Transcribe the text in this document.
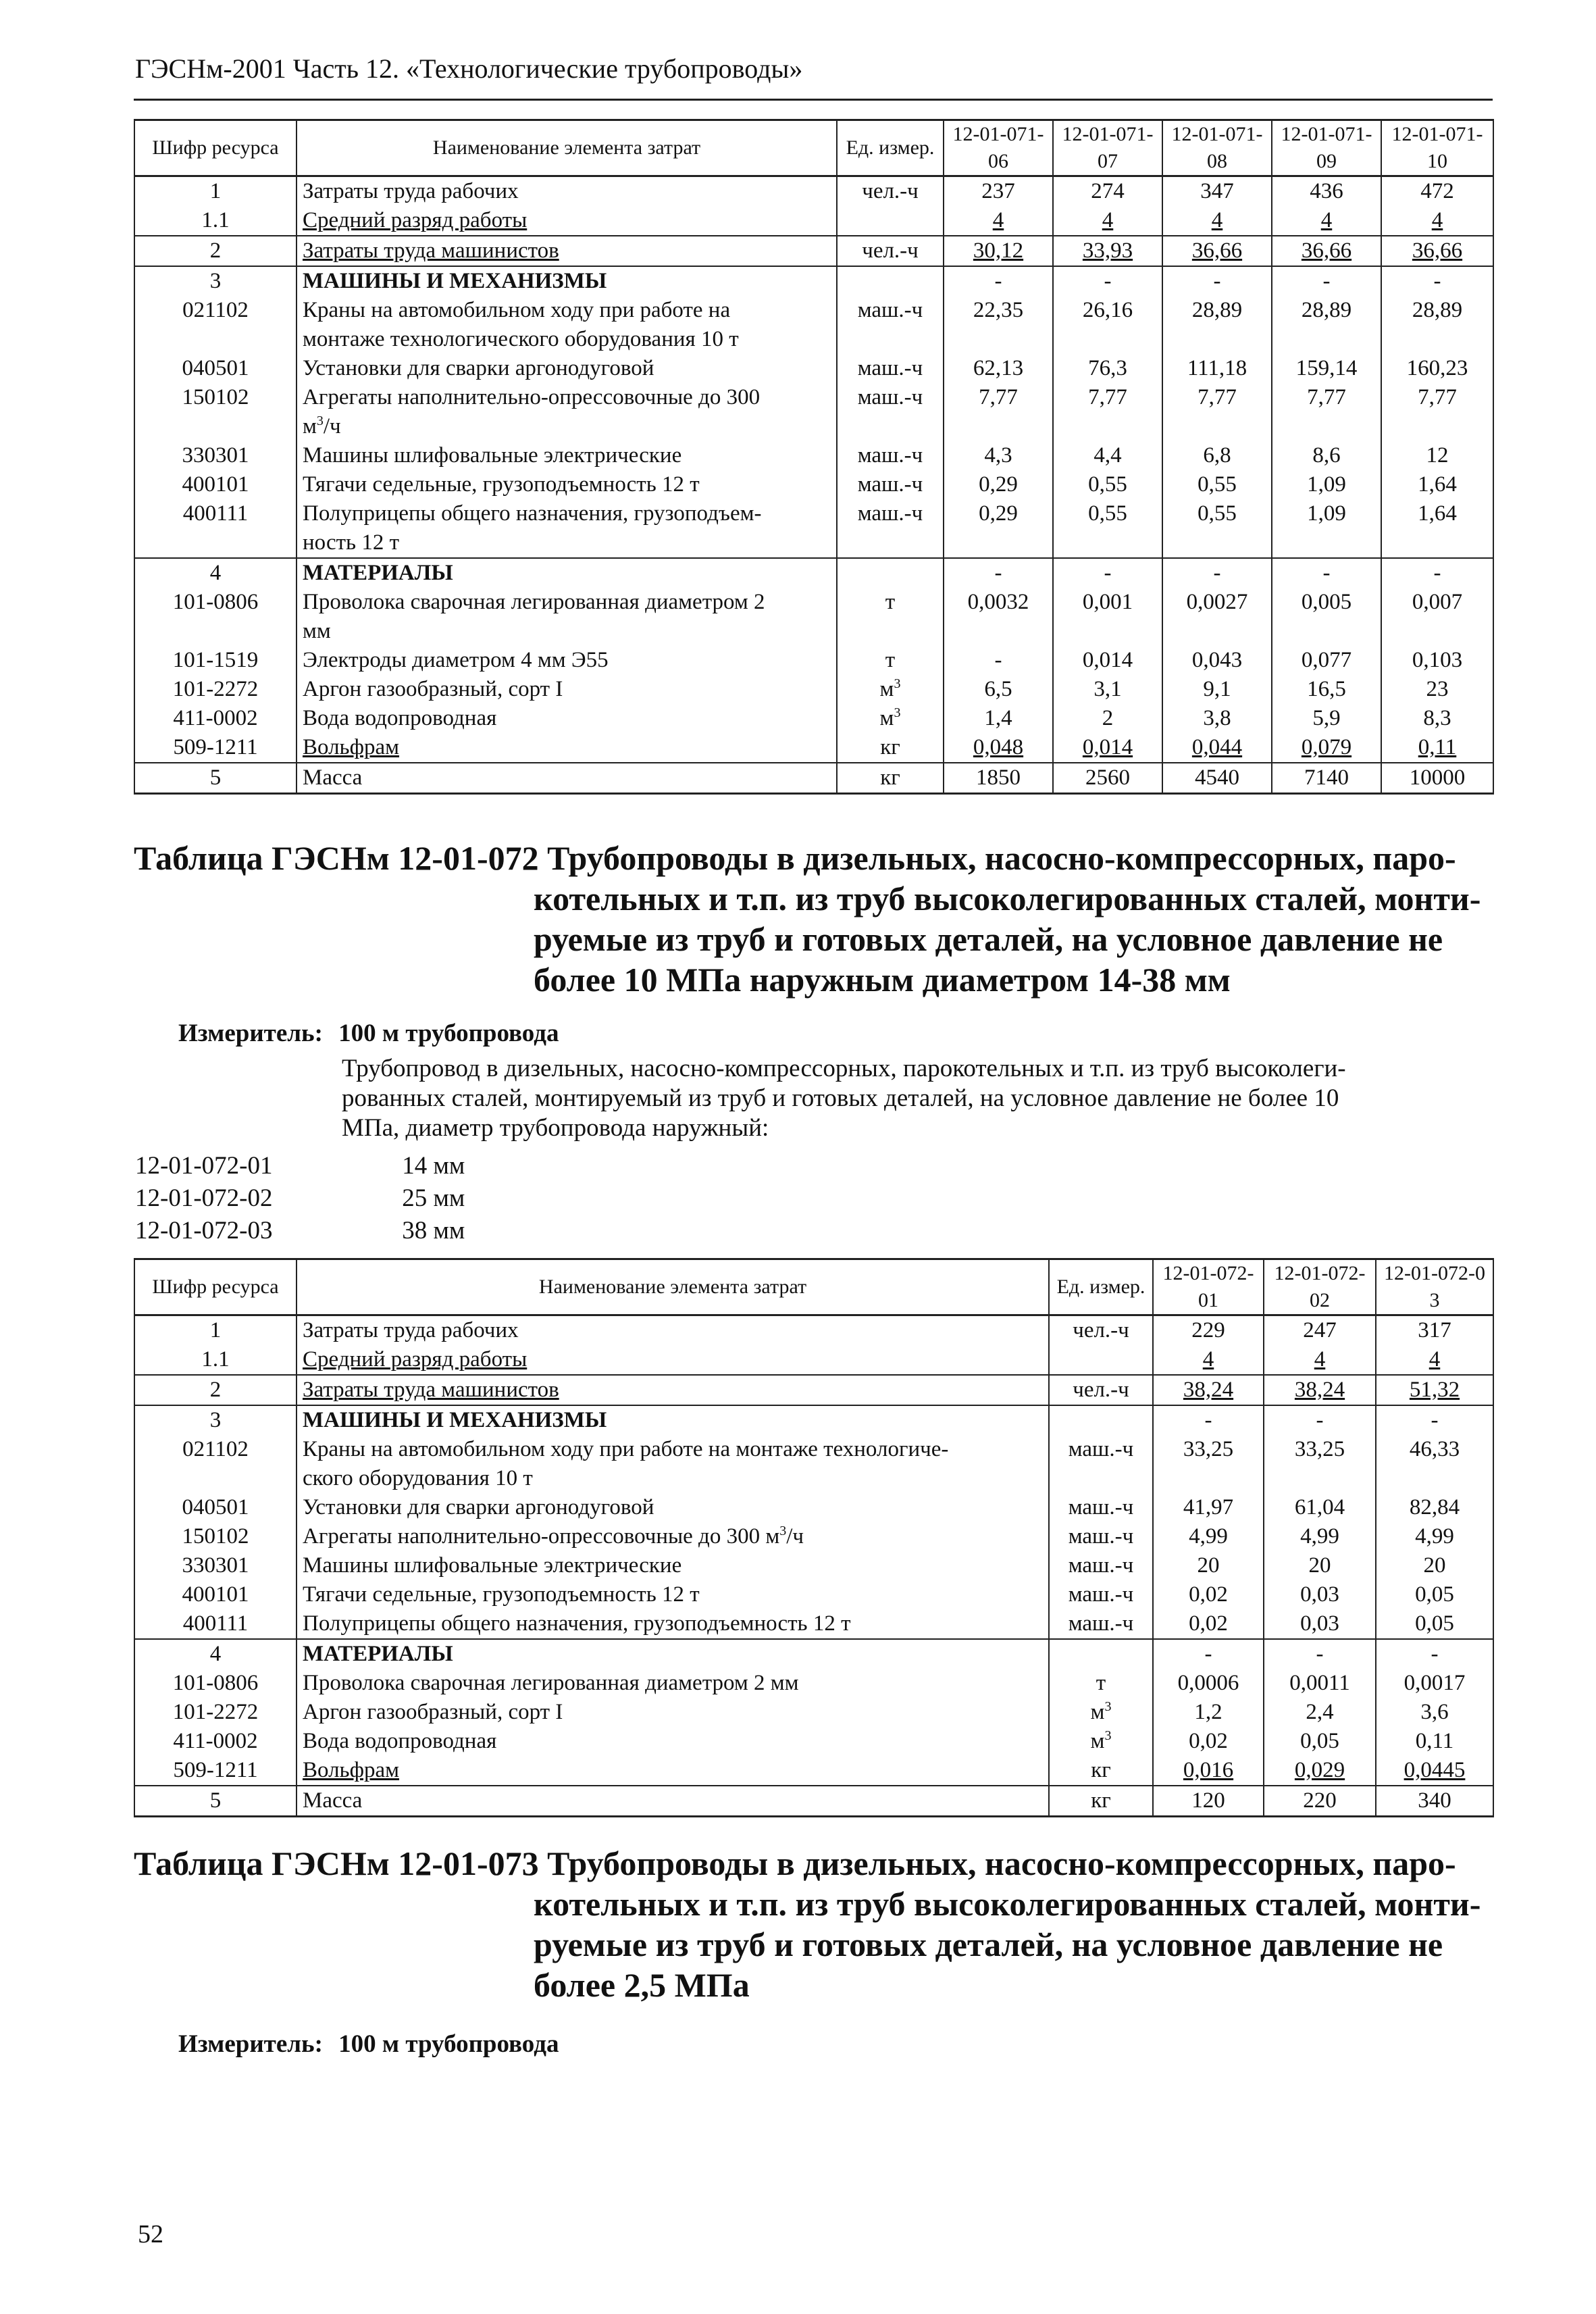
ГЭСНм-2001 Часть 12. «Технологические трубопроводы»
Шифр ресурса	Наименование элемента затрат	Ед. измер.	12-01-071-06	12-01-071-07	12-01-071-08	12-01-071-09	12-01-071-10
1	Затраты труда рабочих	чел.-ч	237	274	347	436	472
1.1	Средний разряд работы		4	4	4	4	4
2	Затраты труда машинистов	чел.-ч	30,12	33,93	36,66	36,66	36,66
3	МАШИНЫ И МЕХАНИЗМЫ		-	-	-	-	-
021102	Краны на автомобильном ходу при работе на
монтаже технологического оборудования 10 т	маш.-ч	22,35	26,16	28,89	28,89	28,89
040501	Установки для сварки аргонодуговой	маш.-ч	62,13	76,3	111,18	159,14	160,23
150102	Агрегаты наполнительно-опрессовочные до 300
$м^3/ч$	маш.-ч	7,77	7,77	7,77	7,77	7,77
330301	Машины шлифовальные электрические	маш.-ч	4,3	4,4	6,8	8,6	12
400101	Тягачи седельные, грузоподъемность 12 т	маш.-ч	0,29	0,55	0,55	1,09	1,64
400111	Полуприцепы общего назначения, грузоподъем-
ность 12 т	маш.-ч	0,29	0,55	0,55	1,09	1,64
4	МАТЕРИАЛЫ		-	-	-	-	-
101-0806	Проволока сварочная легированная диаметром 2
мм	т	0,0032	0,001	0,0027	0,005	0,007
101-1519	Электроды диаметром 4 мм Э55	т	-	0,014	0,043	0,077	0,103
101-2272	Аргон газообразный, сорт I	$м^3$	6,5	3,1	9,1	16,5	23
411-0002	Вода водопроводная	$м^3$	1,4	2	3,8	5,9	8,3
509-1211	Вольфрам	кг	0,048	0,014	0,044	0,079	0,11
5	Масса	кг	1850	2560	4540	7140	10000
Таблица ГЭСНм 12-01-072 Трубопроводы в дизельных, насосно-компрессорных, паро-
котельных и т.п. из труб высоколегированных сталей, монти-
руемые из труб и готовых деталей, на условное давление не
более 10 МПа наружным диаметром 14-38 мм
Измеритель: 100 м трубопровода
Трубопровод в дизельных, насосно-компрессорных, парокотельных и т.п. из труб высоколеги-
рованных сталей, монтируемый из труб и готовых деталей, на условное давление не более 10
МПа, диаметр трубопровода наружный:
12-01-072-01	14 мм
12-01-072-02	25 мм
12-01-072-03	38 мм
Шифр ресурса	Наименование элемента затрат	Ед. измер.	12-01-072-01	12-01-072-02	12-01-072-03
1	Затраты труда рабочих	чел.-ч	229	247	317
1.1	Средний разряд работы		4	4	4
2	Затраты труда машинистов	чел.-ч	38,24	38,24	51,32
3	МАШИНЫ И МЕХАНИЗМЫ		-	-	-
021102	Краны на автомобильном ходу при работе на монтаже технологиче-
ского оборудования 10 т	маш.-ч	33,25	33,25	46,33
040501	Установки для сварки аргонодуговой	маш.-ч	41,97	61,04	82,84
150102	Агрегаты наполнительно-опрессовочные до 300 $м^3/ч$	маш.-ч	4,99	4,99	4,99
330301	Машины шлифовальные электрические	маш.-ч	20	20	20
400101	Тягачи седельные, грузоподъемность 12 т	маш.-ч	0,02	0,03	0,05
400111	Полуприцепы общего назначения, грузоподъемность 12 т	маш.-ч	0,02	0,03	0,05
4	МАТЕРИАЛЫ		-	-	-
101-0806	Проволока сварочная легированная диаметром 2 мм	т	0,0006	0,0011	0,0017
101-2272	Аргон газообразный, сорт I	$м^3$	1,2	2,4	3,6
411-0002	Вода водопроводная	$м^3$	0,02	0,05	0,11
509-1211	Вольфрам	кг	0,016	0,029	0,0445
5	Масса	кг	120	220	340
Таблица ГЭСНм 12-01-073 Трубопроводы в дизельных, насосно-компрессорных, паро-
котельных и т.п. из труб высоколегированных сталей, монти-
руемые из труб и готовых деталей, на условное давление не
более 2,5 МПа
Измеритель: 100 м трубопровода
52
